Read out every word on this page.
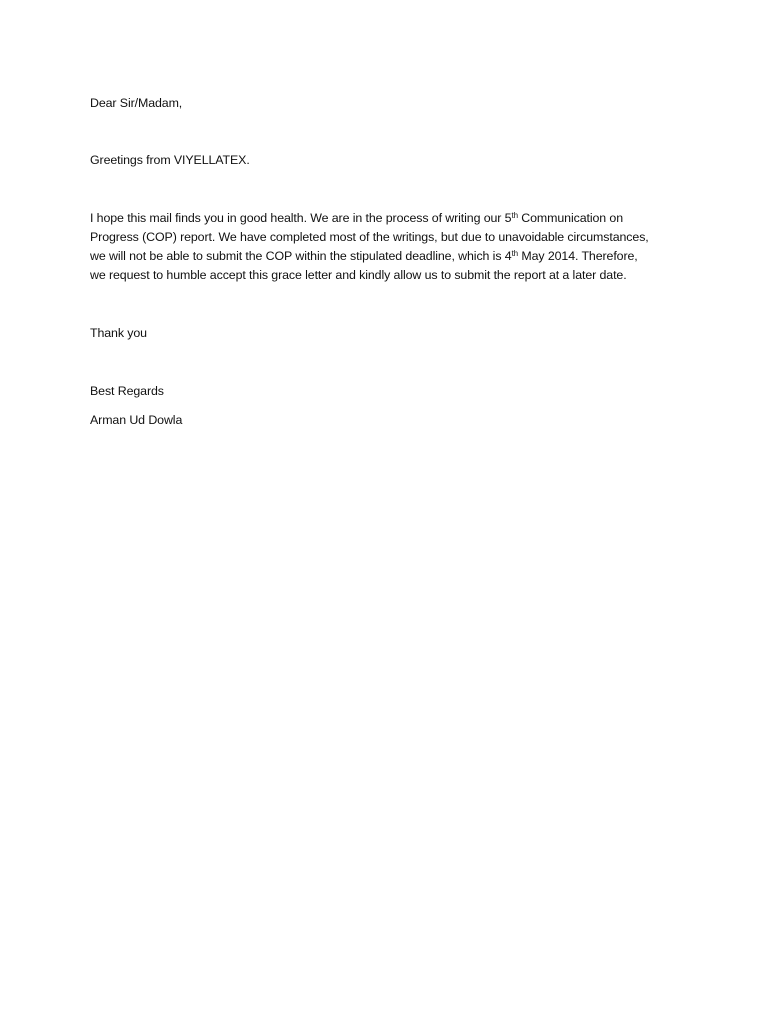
Dear Sir/Madam,
Greetings from VIYELLATEX.
I hope this mail finds you in good health. We are in the process of writing our 5th Communication on
Progress (COP) report. We have completed most of the writings, but due to unavoidable circumstances,
we will not be able to submit the COP within the stipulated deadline, which is 4th May 2014. Therefore,
we request to humble accept this grace letter and kindly allow us to submit the report at a later date.
Thank you
Best Regards
Arman Ud Dowla
